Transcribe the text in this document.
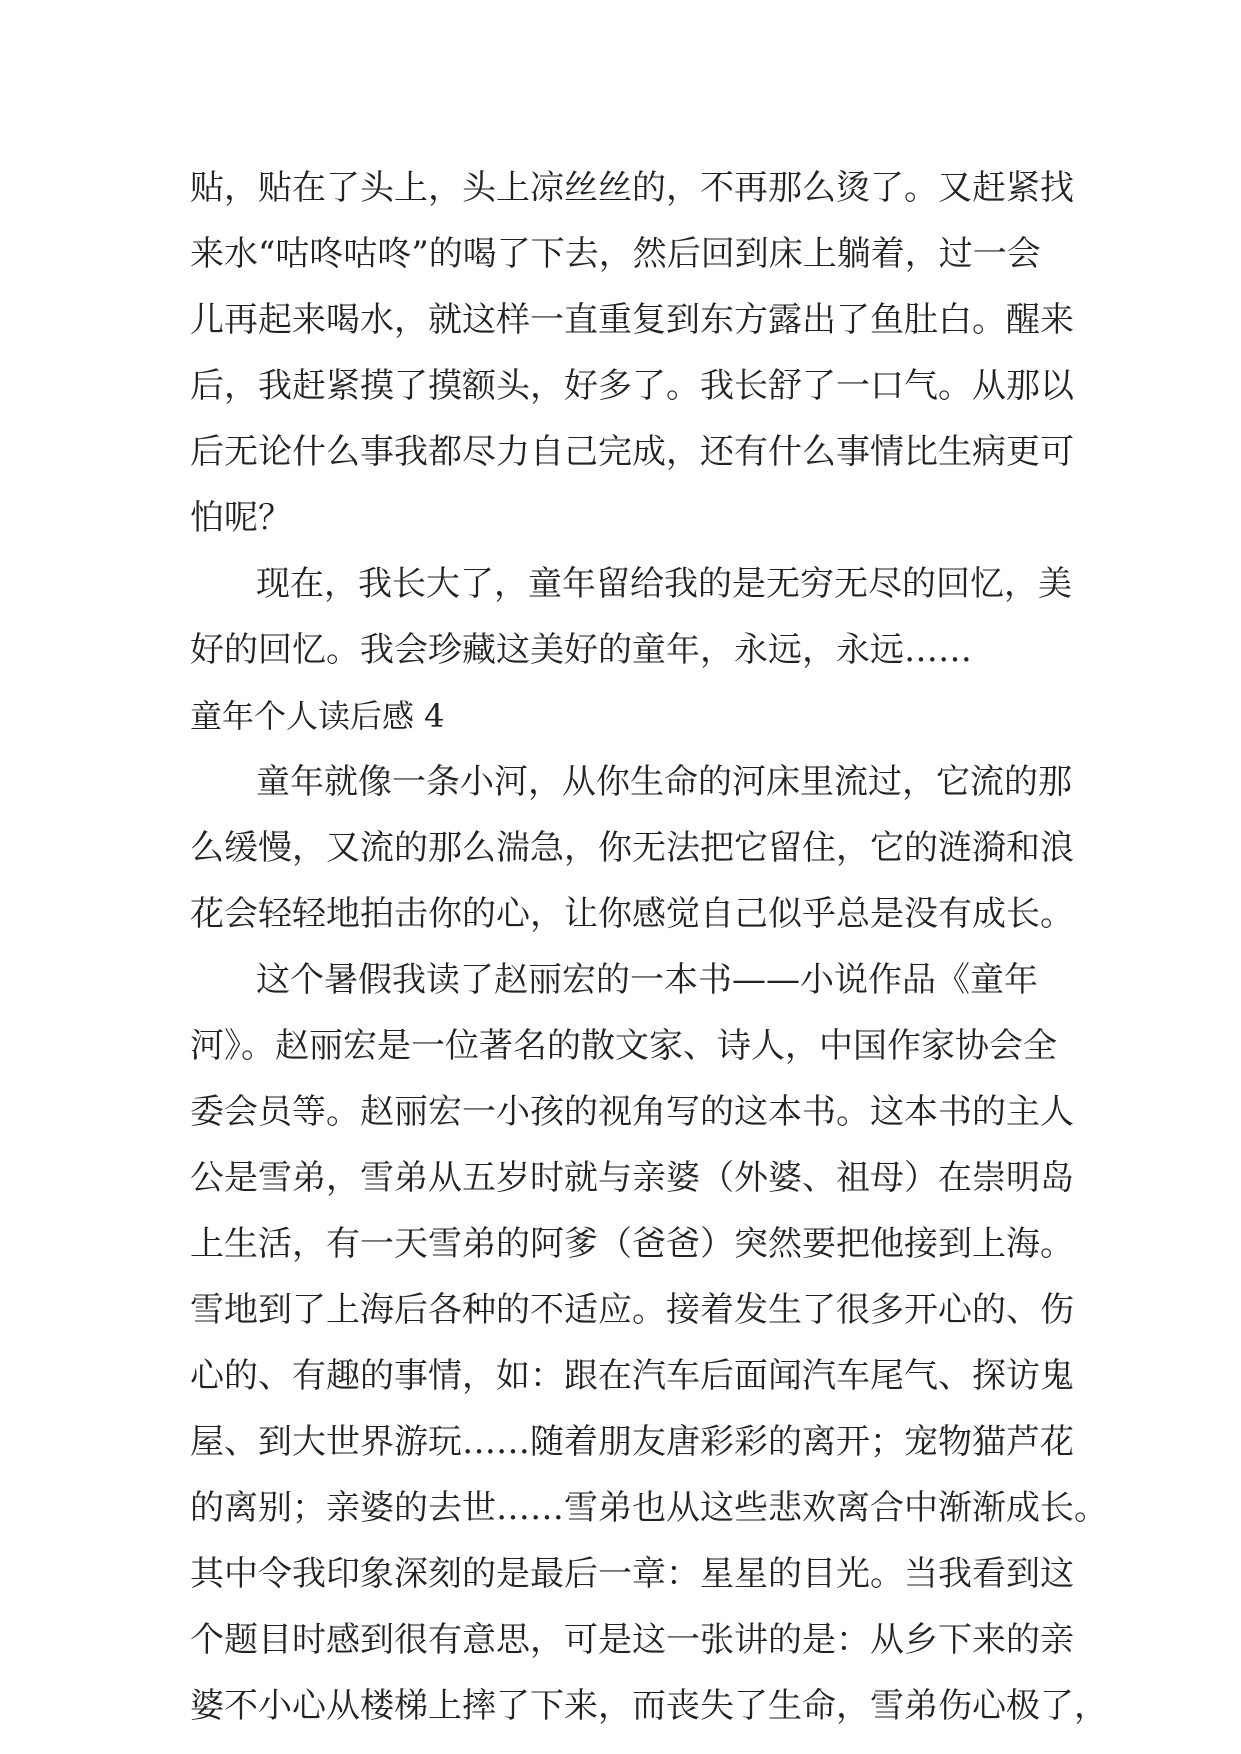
贴，贴在了头上，头上凉丝丝的，不再那么烫了。又赶紧找
来水“咕咚咕咚”的喝了下去，然后回到床上躺着，过一会
儿再起来喝水，就这样一直重复到东方露出了鱼肚白。醒来
后，我赶紧摸了摸额头，好多了。我长舒了一口气。从那以
后无论什么事我都尽力自己完成，还有什么事情比生病更可
怕呢？
现在，我长大了，童年留给我的是无穷无尽的回忆，美
好的回忆。我会珍藏这美好的童年，永远，永远……
童年个人读后感 4
童年就像一条小河，从你生命的河床里流过，它流的那
么缓慢，又流的那么湍急，你无法把它留住，它的涟漪和浪
花会轻轻地拍击你的心，让你感觉自己似乎总是没有成长。
这个暑假我读了赵丽宏的一本书——小说作品《童年
河》。赵丽宏是一位著名的散文家、诗人，中国作家协会全
委会员等。赵丽宏一小孩的视角写的这本书。这本书的主人
公是雪弟，雪弟从五岁时就与亲婆（外婆、祖母）在崇明岛
上生活，有一天雪弟的阿爹（爸爸）突然要把他接到上海。
雪地到了上海后各种的不适应。接着发生了很多开心的、伤
心的、有趣的事情，如：跟在汽车后面闻汽车尾气、探访鬼
屋、到大世界游玩……随着朋友唐彩彩的离开；宠物猫芦花
的离别；亲婆的去世……雪弟也从这些悲欢离合中渐渐成长。
其中令我印象深刻的是最后一章：星星的目光。当我看到这
个题目时感到很有意思，可是这一张讲的是：从乡下来的亲
婆不小心从楼梯上摔了下来，而丧失了生命，雪弟伤心极了，
